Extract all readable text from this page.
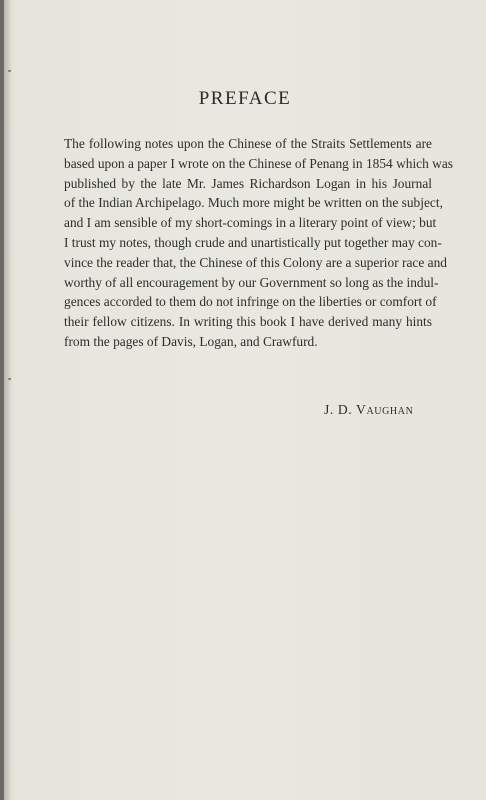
PREFACE

The following notes upon the Chinese of the Straits Settlements are
based upon a paper I wrote on the Chinese of Penang in 1854 which was
published by the late Mr. James Richardson Logan in his Journal
of the Indian Archipelago. Much more might be written on the subject,
and I am sensible of my short-comings in a literary point of view; but
I trust my notes, though crude and unartistically put together may con-
vince the reader that, the Chinese of this Colony are a superior race and
worthy of all encouragement by our Government so long as the indul-
gences accorded to them do not infringe on the liberties or comfort of
their fellow citizens. In writing this book I have derived many hints
from the pages of Davis, Logan, and Crawfurd.

J. D. Vaughan
